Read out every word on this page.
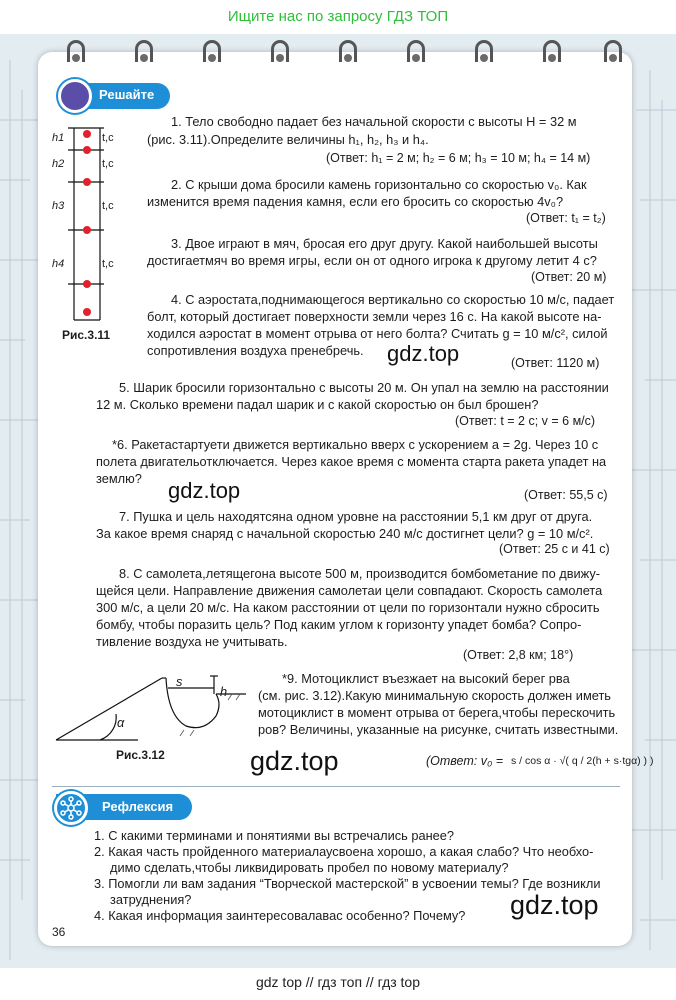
Ищите нас по запросу ГДЗ ТОП
Решайте
h1
h2
h3
h4
t,c
t,c
t,c
t,c
Рис.3.11
1. Тело свободно падает без начальной скорости с высоты H = 32 м
(рис. 3.11).Определите величины h₁, h₂, h₃ и h₄.
(Ответ: h₁ = 2 м; h₂ = 6 м; h₃ = 10 м; h₄ = 14 м)
2. С крыши дома бросили камень горизонтально со скоростью v₀. Как
изменится время падения камня, если его бросить со скоростью 4v₀?
(Ответ: t₁ = t₂)
3. Двое играют в мяч, бросая его друг другу. Какой наибольшей высоты
достигаетмяч во время игры, если он от одного игрока к другому летит 4 с?
(Ответ: 20 м)
4. С аэростата,поднимающегося вертикально со скоростью 10 м/с, падает
болт, который достигает поверхности земли через 16 с. На какой высоте на-
ходился аэростат в момент отрыва от него болта? Считать g = 10 м/с², силой
сопротивления воздуха пренебречь. gdz.top	(Ответ: 1120 м)
5. Шарик бросили горизонтально с высоты 20 м. Он упал на землю на расстоянии
12 м. Сколько времени падал шарик и с какой скоростью он был брошен?
(Ответ: t = 2 с; v = 6 м/с)
*6. Ракетастартуети движется вертикально вверх с ускорением a = 2g. Через 10 с
полета двигательотключается. Через какое время с момента старта ракета упадет на
землю? gdz.top	(Ответ: 55,5 с)
7. Пушка и цель находятсяна одном уровне на расстоянии 5,1 км друг от друга.
За какое время снаряд с начальной скоростью 240 м/с достигнет цели? g = 10 м/с².
(Ответ: 25 с и 41 с)
8. С самолета,летящегона высоте 500 м, производится бомбометание по движу-
щейся цели. Направление движения самолетаи цели совпадают. Скорость самолета
300 м/с, а цели 20 м/с. На каком расстоянии от цели по горизонтали нужно сбросить
бомбу, чтобы поразить цель? Под каким углом к горизонту упадет бомба? Сопро-
тивление воздуха не учитывать.
(Ответ: 2,8 км; 18°)
α
s
h
Рис.3.12
*9. Мотоциклист въезжает на высокий берег рва
(см. рис. 3.12).Какую минимальную скорость должен иметь
мотоциклист в момент отрыва от берега,чтобы перескочить
ров? Величины, указанные на рисунке, считать известными.
gdz.top	(Ответ: v₀ = s / cos α · √( q / 2(h + s·tgα) ) )
Рефлексия
1. С какими терминами и понятиями вы встречались ранее?
2. Какая часть пройденного материалаусвоена хорошо, а какая слабо? Что необхо-
димо сделать,чтобы ликвидировать пробел по новому материалу?
3. Помогли ли вам задания “Творческой мастерской” в усвоении темы? Где возникли
затруднения?
4. Какая информация заинтересовалавас особенно? Почему? gdz.top
36
gdz top // гдз топ // гдз top
